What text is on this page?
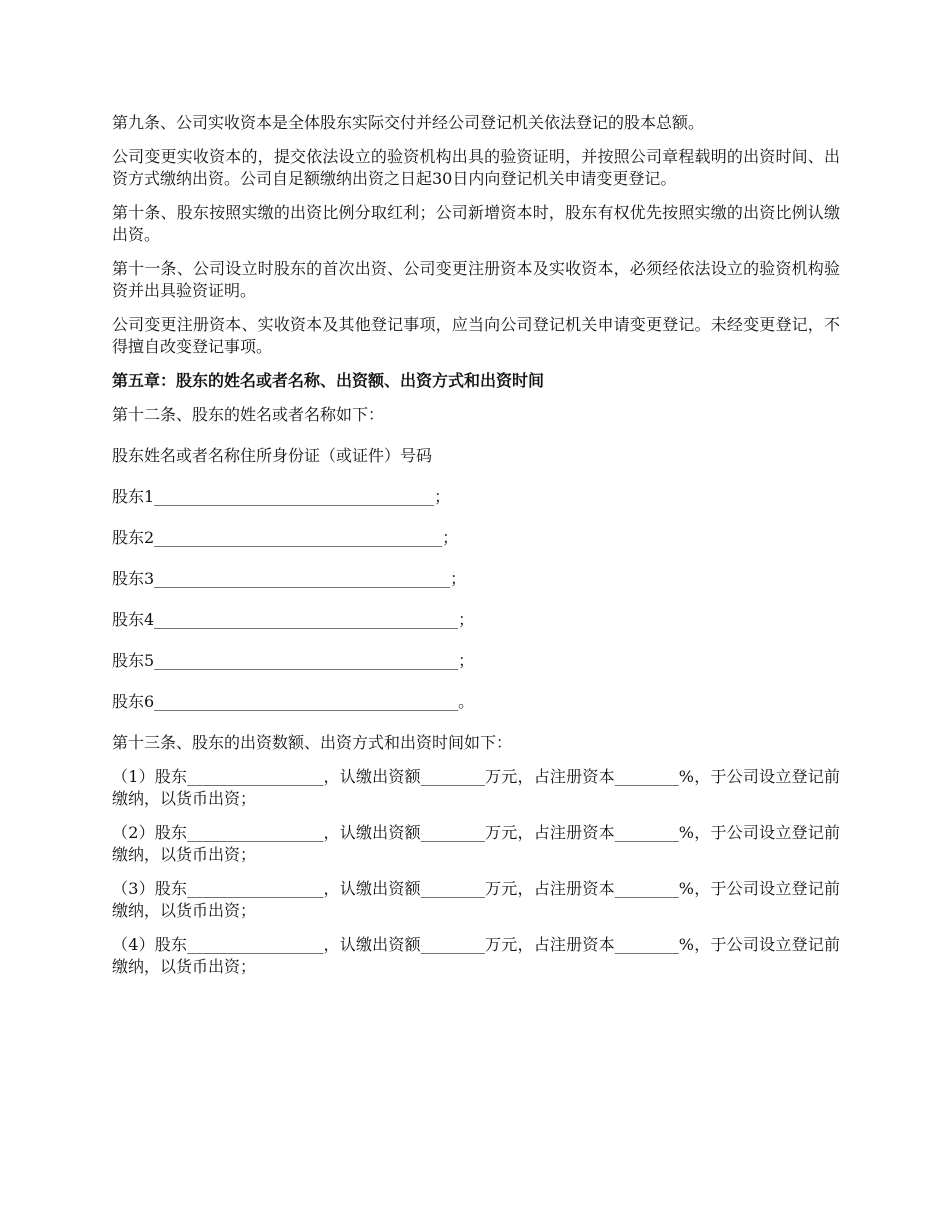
第九条、公司实收资本是全体股东实际交付并经公司登记机关依法登记的股本总额。

公司变更实收资本的，提交依法设立的验资机构出具的验资证明，并按照公司章程载明的出资时间、出资方式缴纳出资。公司自足额缴纳出资之日起30日内向登记机关申请变更登记。

第十条、股东按照实缴的出资比例分取红利；公司新增资本时，股东有权优先按照实缴的出资比例认缴出资。

第十一条、公司设立时股东的首次出资、公司变更注册资本及实收资本，必须经依法设立的验资机构验资并出具验资证明。

公司变更注册资本、实收资本及其他登记事项，应当向公司登记机关申请变更登记。未经变更登记，不得擅自改变登记事项。

第五章：股东的姓名或者名称、出资额、出资方式和出资时间

第十二条、股东的姓名或者名称如下：

股东姓名或者名称住所身份证（或证件）号码

股东1___________________________________；

股东2____________________________________；

股东3_____________________________________；

股东4______________________________________；

股东5______________________________________；

股东6______________________________________。

第十三条、股东的出资数额、出资方式和出资时间如下：

（1）股东_________________，认缴出资额________万元，占注册资本________%，于公司设立登记前缴纳，以货币出资；

（2）股东_________________，认缴出资额________万元，占注册资本________%，于公司设立登记前缴纳，以货币出资；

（3）股东_________________，认缴出资额________万元，占注册资本________%，于公司设立登记前缴纳，以货币出资；

（4）股东_________________，认缴出资额________万元，占注册资本________%，于公司设立登记前缴纳，以货币出资；
